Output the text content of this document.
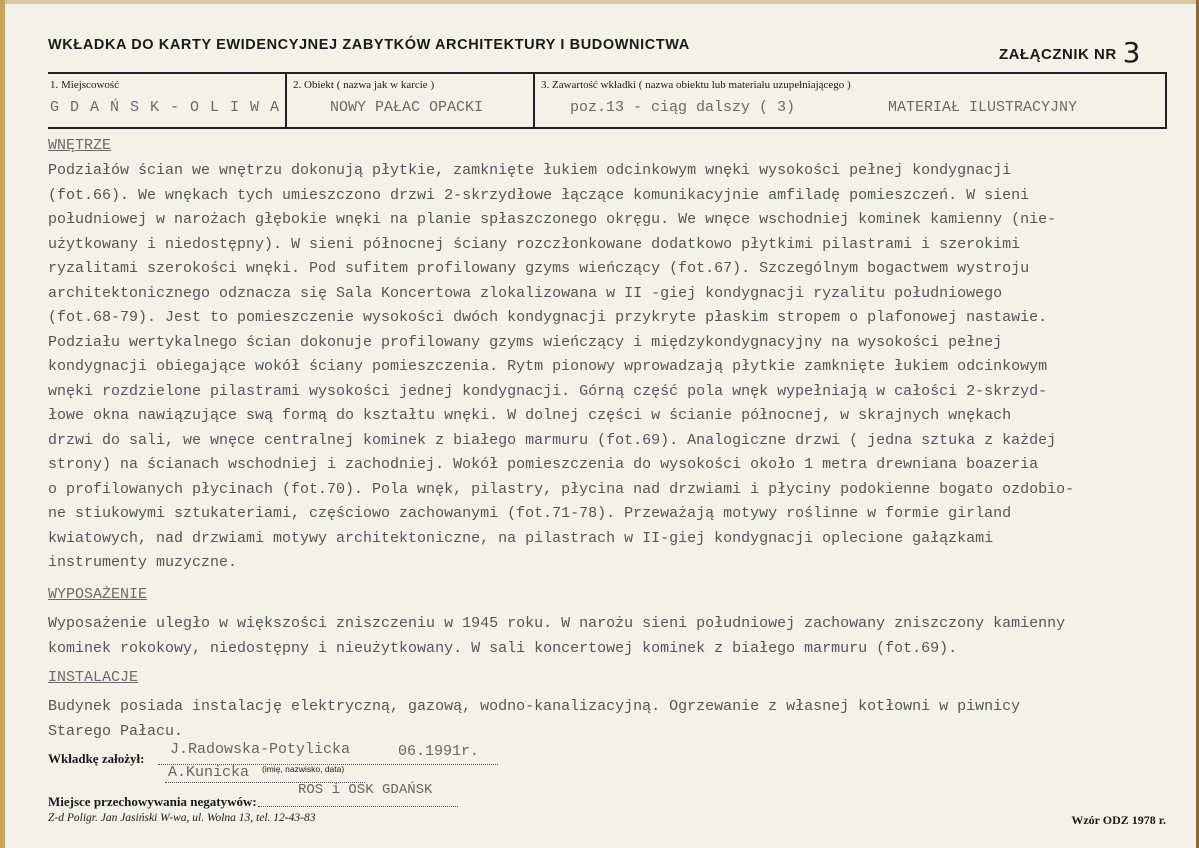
WKŁADKA DO KARTY EWIDENCYJNEJ ZABYTKÓW ARCHITEKTURY I BUDOWNICTWA
ZAŁĄCZNIK NR 3
1. Miejscowość
GDAŃSK-OLIWA
2. Obiekt ( nazwa jak w karcie )
NOWY PAŁAC OPACKI
3. Zawartość wkładki ( nazwa obiektu lub materiału uzupełniającego )
poz.13 - ciąg dalszy ( 3)	MATERIAŁ ILUSTRACYJNY
WNĘTRZE
Podziałów ścian we wnętrzu dokonują płytkie, zamknięte łukiem odcinkowym wnęki wysokości pełnej kondygnacji
(fot.66). We wnękach tych umieszczono drzwi 2-skrzydłowe łączące komunikacyjnie amfiladę pomieszczeń. W sieni
południowej w narożach głębokie wnęki na planie spłaszczonego okręgu. We wnęce wschodniej kominek kamienny (nie-
użytkowany i niedostępny). W sieni północnej ściany rozczłonkowane dodatkowo płytkimi pilastrami i szerokimi
ryzalitami szerokości wnęki. Pod sufitem profilowany gzyms wieńczący (fot.67). Szczególnym bogactwem wystroju
architektonicznego odznacza się Sala Koncertowa zlokalizowana w II -giej kondygnacji ryzalitu południowego
(fot.68-79). Jest to pomieszczenie wysokości dwóch kondygnacji przykryte płaskim stropem o plafonowej nastawie.
Podziału wertykalnego ścian dokonuje profilowany gzyms wieńczący i międzykondygnacyjny na wysokości pełnej
kondygnacji obiegające wokół ściany pomieszczenia. Rytm pionowy wprowadzają płytkie zamknięte łukiem odcinkowym
wnęki rozdzielone pilastrami wysokości jednej kondygnacji. Górną część pola wnęk wypełniają w całości 2-skrzyd-
łowe okna nawiązujące swą formą do kształtu wnęki. W dolnej części w ścianie północnej, w skrajnych wnękach
drzwi do sali, we wnęce centralnej kominek z białego marmuru (fot.69). Analogiczne drzwi ( jedna sztuka z każdej
strony) na ścianach wschodniej i zachodniej. Wokół pomieszczenia do wysokości około 1 metra drewniana boazeria
o profilowanych płycinach (fot.70). Pola wnęk, pilastry, płycina nad drzwiami i płyciny podokienne bogato ozdobio-
ne stiukowymi sztukateriami, częściowo zachowanymi (fot.71-78). Przeważają motywy roślinne w formie girland
kwiatowych, nad drzwiami motywy architektoniczne, na pilastrach w II-giej kondygnacji oplecione gałązkami
instrumenty muzyczne.
WYPOSAŻENIE
Wyposażenie uległo w większości zniszczeniu w 1945 roku. W narożu sieni południowej zachowany zniszczony kamienny
kominek rokokowy, niedostępny i nieużytkowany. W sali koncertowej kominek z białego marmuru (fot.69).
INSTALACJE
Budynek posiada instalację elektryczną, gazową, wodno-kanalizacyjną. Ogrzewanie z własnej kotłowni w piwnicy
Starego Pałacu.
Wkładkę założył:
J.Radowska-Potylicka	06.1991r.
A.Kunicka (imię, nazwisko, data)
Miejsce przechowywania negatywów:
ROS i OSK GDAŃSK
Z-d Poligr. Jan Jasiński W-wa, ul. Wolna 13, tel. 12-43-83	Wzór ODZ 1978 r.
